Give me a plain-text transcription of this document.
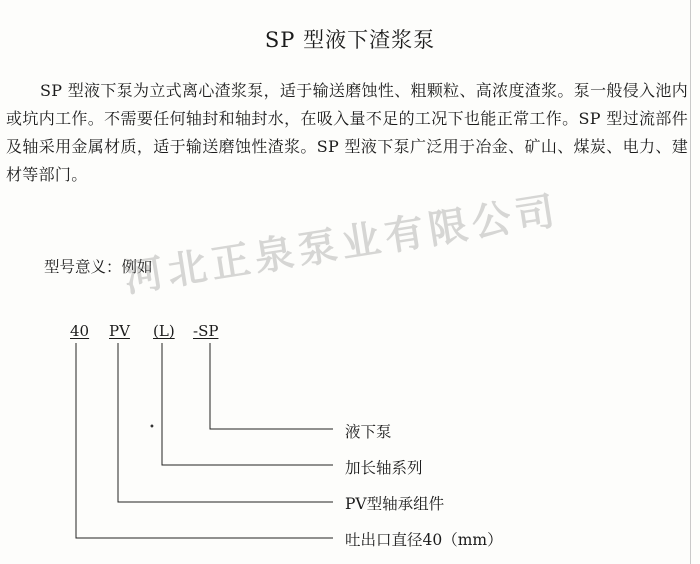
SP 型液下渣浆泵

SP 型液下泵为立式离心渣浆泵，适于输送磨蚀性、粗颗粒、高浓度渣浆。泵一般侵入池内或坑内工作。不需要任何轴封和轴封水，在吸入量不足的工况下也能正常工作。SP 型过流部件及轴采用金属材质，适于输送磨蚀性渣浆。SP 型液下泵广泛用于冶金、矿山、煤炭、电力、建材等部门。

型号意义：例如
河北正泉泵业有限公司
40 PV (L) -SP
•	液下泵
加长轴系列
PV型轴承组件
吐出口直径40（mm）
